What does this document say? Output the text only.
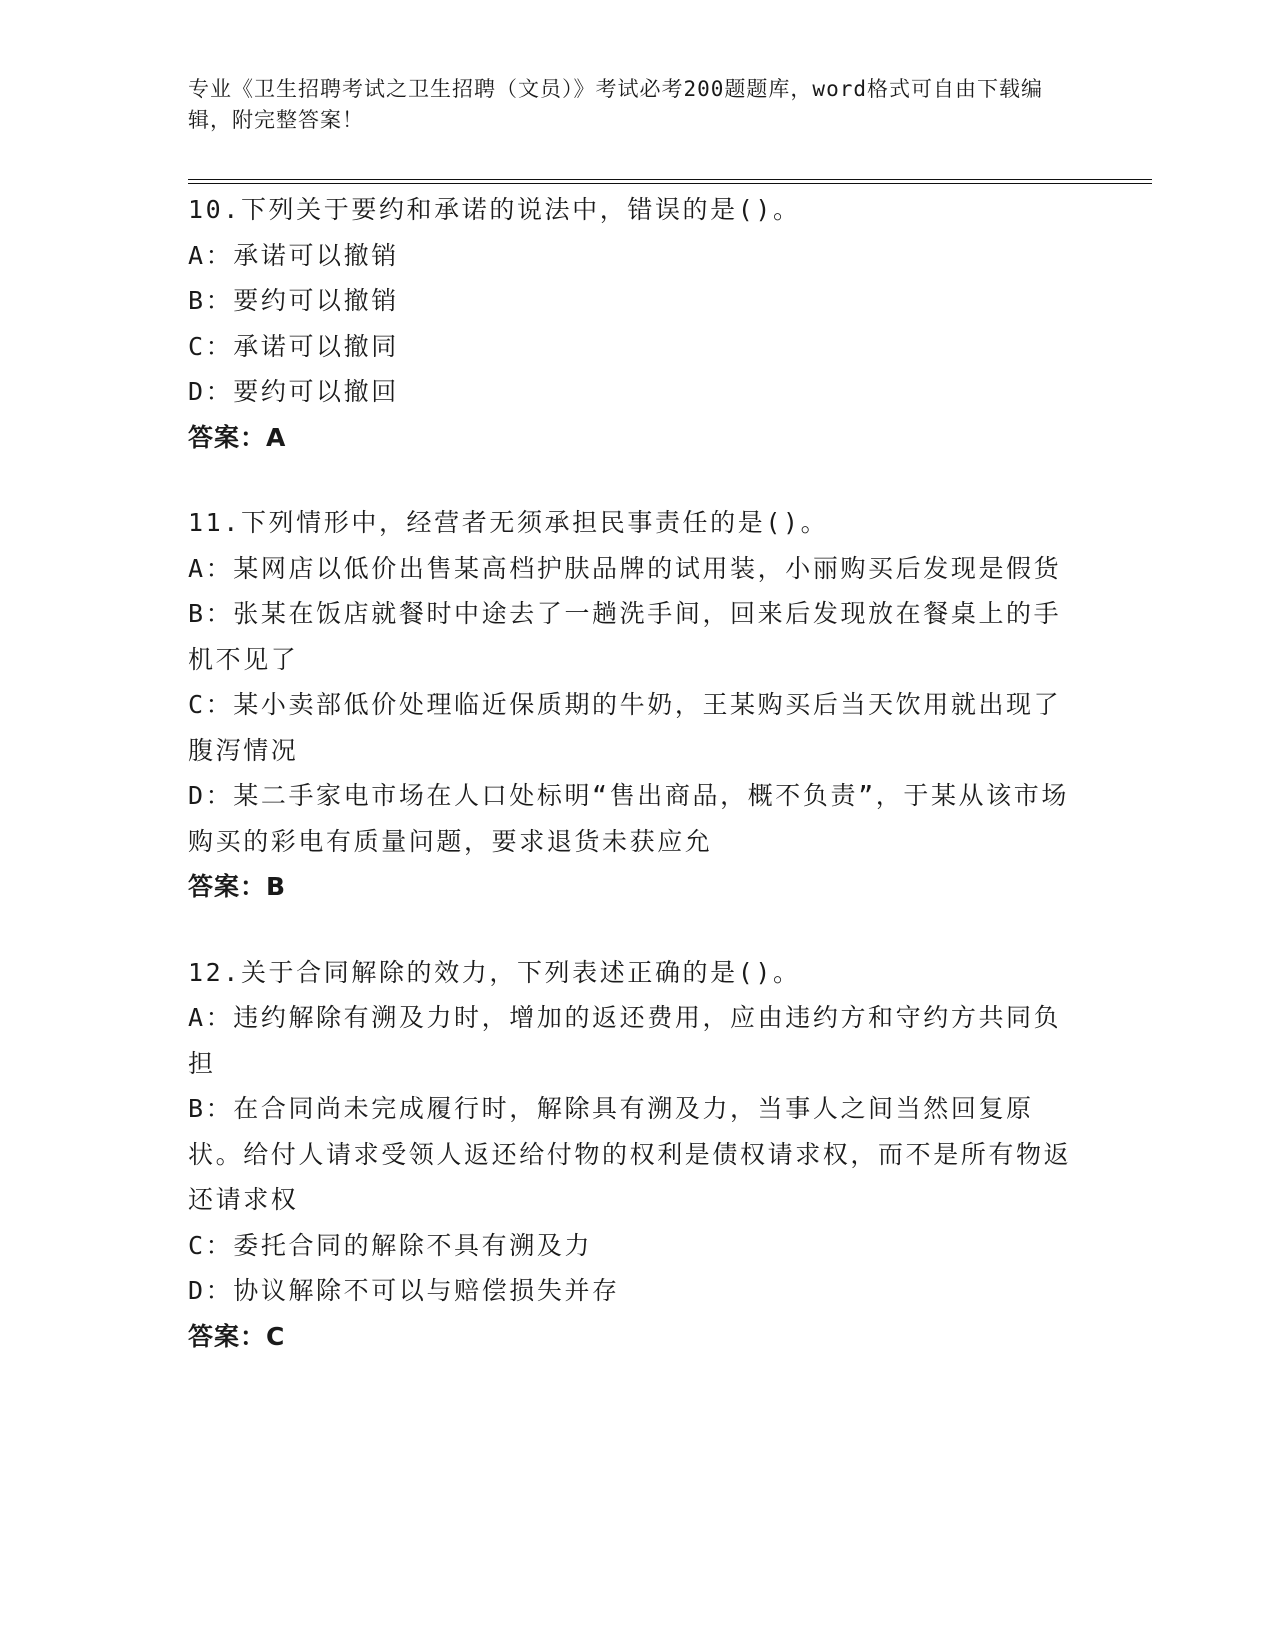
专业《卫生招聘考试之卫生招聘（文员）》考试必考200题题库，word格式可自由下载编辑，附完整答案！
10.下列关于要约和承诺的说法中，错误的是()。
A：承诺可以撤销
B：要约可以撤销
C：承诺可以撤同
D：要约可以撤回
答案：A
11.下列情形中，经营者无须承担民事责任的是()。
A：某网店以低价出售某高档护肤品牌的试用装，小丽购买后发现是假货
B：张某在饭店就餐时中途去了一趟洗手间，回来后发现放在餐桌上的手机不见了
C：某小卖部低价处理临近保质期的牛奶，王某购买后当天饮用就出现了腹泻情况
D：某二手家电市场在人口处标明“售出商品，概不负责”，于某从该市场购买的彩电有质量问题，要求退货未获应允
答案：B
12.关于合同解除的效力，下列表述正确的是()。
A：违约解除有溯及力时，增加的返还费用，应由违约方和守约方共同负担
B：在合同尚未完成履行时，解除具有溯及力，当事人之间当然回复原状。给付人请求受领人返还给付物的权利是债权请求权，而不是所有物返还请求权
C：委托合同的解除不具有溯及力
D：协议解除不可以与赔偿损失并存
答案：C
